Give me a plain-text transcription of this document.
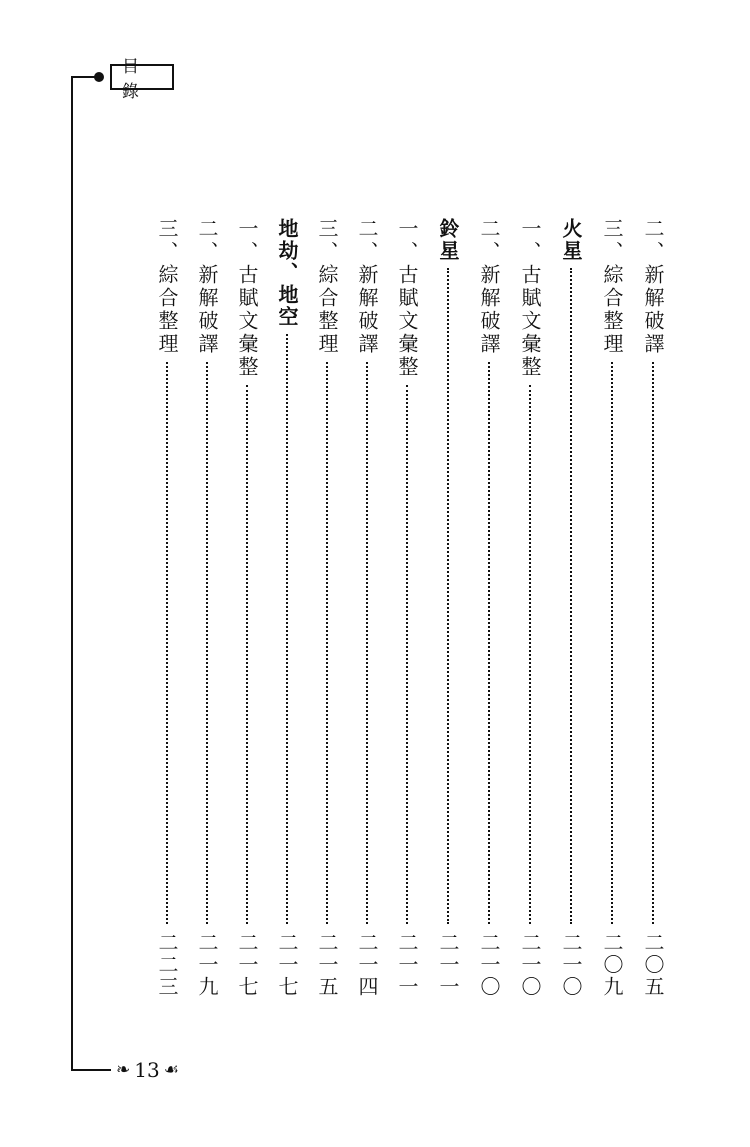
目 錄
二、新解破譯
二〇五
三、綜合整理
二〇九
火星
二一〇
一、古賦文彙整
二一〇
二、新解破譯
二一〇
鈴星
二一一
一、古賦文彙整
二一一
二、新解破譯
二一四
三、綜合整理
二一五
地劫、地空
二一七
一、古賦文彙整
二一七
二、新解破譯
二一九
三、綜合整理
二二三
❧ 13 ☙
